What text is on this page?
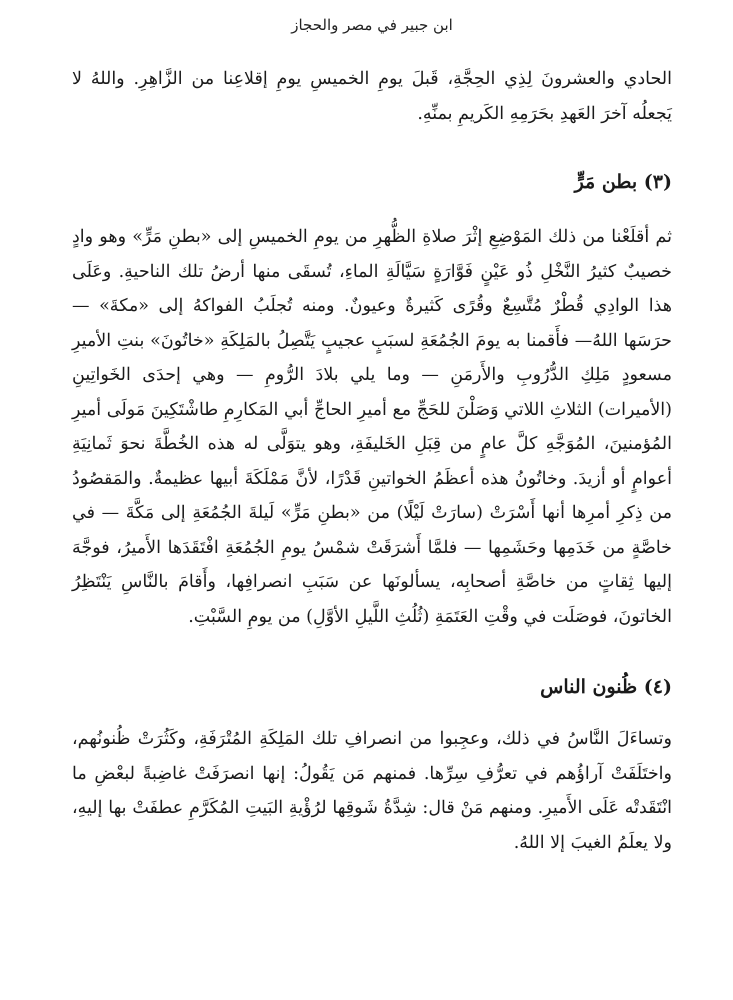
ابن جبير في مصر والحجاز

الحادي والعشرونَ لِذِي الحِجَّةِ، قَبلَ يومِ الخميسِ يومِ إقلاعِنا من الزَّاهِرِ. واللهُ لا يَجعلُه آخرَ العَهدِ بحَرَمِهِ الكَريمِ بمنِّهِ.

(٣) بطن مَرٍّ

ثم أقلَعْنا من ذلك المَوْضِعِ إثْرَ صلاةِ الظُّهرِ من يومِ الخميسِ إلى «بطنِ مَرٍّ» وهو وادٍ خصيبٌ كثيرُ النَّخْلِ ذُو عَيْنٍ فَوَّارَةٍ سَيَّالَةِ الماءِ، تُسقَى منها أرضُ تلك الناحيةِ. وعَلَى هذا الوادِي قُطْرٌ مُتَّسِعٌ وقُرًى كَثيرةٌ وعيونٌ. ومنه تُجلَبُ الفواكهُ إلى «مكةَ» —حرَسَها اللهُ— فأَقمنا به يومَ الجُمُعَةِ لسبَبٍ عجيبٍ يَتَّصِلُ بالمَلِكَةِ «خاتُونَ» بنتِ الأميرِ مسعودٍ مَلِكِ الدُّرُوبِ والأَرمَنِ — وما يلي بلادَ الرُّومِ — وهي إحدَى الخَواتِينِ (الأميرات) الثلاثِ اللاتي وَصَلْنَ للحَجِّ مع أميرِ الحاجِّ أبي المَكارِمِ طاشْتَكِينَ مَولَى أميرِ المُؤمنينَ، المُوَجَّهِ كلَّ عامٍ من قِبَلِ الخَليفَةِ، وهو يتوَلَّى له هذه الخُطَّةَ نحوَ ثَمانِيَةِ أعوامٍ أو أزيدَ. وخاتُونُ هذه أعظَمُ الخواتينِ قَدْرًا، لأنَّ مَمْلَكَةَ أبيها عظيمةٌ. والمَقصُودُ من ذِكرِ أمرِها أنها أَسْرَتْ (سارَتْ لَيْلًا) من «بطنِ مَرٍّ» لَيلةَ الجُمُعَةِ إلى مَكَّةَ — في خاصَّةٍ من خَدَمِها وحَشَمِها — فلمَّا أَشرَقَتْ شمْسُ يومِ الجُمُعَةِ افْتَقَدَها الأَميرُ، فوجَّهَ إليها ثِقاتٍ من خاصَّةِ أصحابِه، يسألونَها عن سَبَبِ انصرافِها، وأَقامَ بالنَّاسِ يَنْتَظِرُ الخاتونَ، فوصَلَت في وقْتِ العَتَمَةِ (ثُلُثِ اللَّيلِ الأوَّلِ) من يومِ السَّبْتِ.

(٤) ظُنون الناس

وتساءَلَ النَّاسُ في ذلك، وعجِبوا من انصرافِ تلك المَلِكَةِ المُتْرَفَةِ، وكَثُرَتْ ظُنونُهم، واختَلَفَتْ آراؤُهم في تعرُّفِ سِرِّها. فمنهم مَن يَقُولُ: إنها انصرَفَتْ غاضِبةً لبعْضِ ما انْتَقَدتْه عَلَى الأَميرِ. ومنهم مَنْ قال: شِدَّةُ شَوقِها لرُؤْيةِ البَيتِ المُكَرَّمِ عطفَتْ بها إليهِ، ولا يعلَمُ الغيبَ إلا اللهُ.
